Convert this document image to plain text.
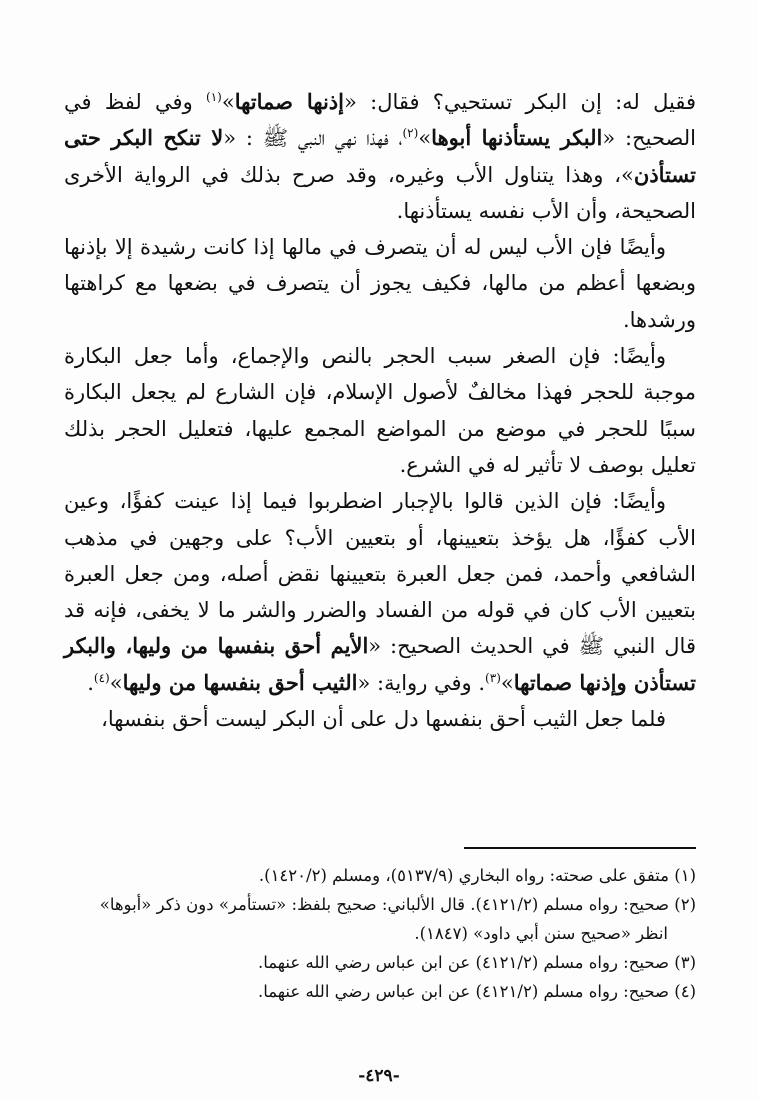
فقيل له: إن البكر تستحيي؟ فقال: «إذنها صماتها»$^{(١)}$ وفي لفظ في الصحيح: «البكر يستأذنها أبوها»$^{(٢)}$، فهذا نهي النبي ﷺ : «لا تنكح البكر حتى تستأذن»، وهذا يتناول الأب وغيره، وقد صرح بذلك في الرواية الأخرى الصحيحة، وأن الأب نفسه يستأذنها.

وأيضًا فإن الأب ليس له أن يتصرف في مالها إذا كانت رشيدة إلا بإذنها وبضعها أعظم من مالها، فكيف يجوز أن يتصرف في بضعها مع كراهتها ورشدها.

وأيضًا: فإن الصغر سبب الحجر بالنص والإجماع، وأما جعل البكارة موجبة للحجر فهذا مخالفٌ لأصول الإسلام، فإن الشارع لم يجعل البكارة سببًا للحجر في موضع من المواضع المجمع عليها، فتعليل الحجر بذلك تعليل بوصف لا تأثير له في الشرع.

وأيضًا: فإن الذين قالوا بالإجبار اضطربوا فيما إذا عينت كفؤًا، وعين الأب كفؤًا، هل يؤخذ بتعيينها، أو بتعيين الأب؟ على وجهين في مذهب الشافعي وأحمد، فمن جعل العبرة بتعيينها نقض أصله، ومن جعل العبرة بتعيين الأب كان في قوله من الفساد والضرر والشر ما لا يخفى، فإنه قد قال النبي ﷺ في الحديث الصحيح: «الأيم أحق بنفسها من وليها، والبكر تستأذن وإذنها صماتها»$^{(٣)}$. وفي رواية: «الثيب أحق بنفسها من وليها»$^{(٤)}$.

فلما جعل الثيب أحق بنفسها دل على أن البكر ليست أحق بنفسها،

(١) متفق على صحته: رواه البخاري (٥١٣٧/٩)، ومسلم (١٤٢٠/٢).

(٢) صحيح: رواه مسلم (٤١٢١/٢). قال الألباني: صحيح بلفظ: «تستأمر» دون ذكر «أبوها» انظر «صحيح سنن أبي داود» (١٨٤٧).

(٣) صحيح: رواه مسلم (٤١٢١/٢) عن ابن عباس رضي الله عنهما.

(٤) صحيح: رواه مسلم (٤١٢١/٢) عن ابن عباس رضي الله عنهما.

-٤٢٩-
